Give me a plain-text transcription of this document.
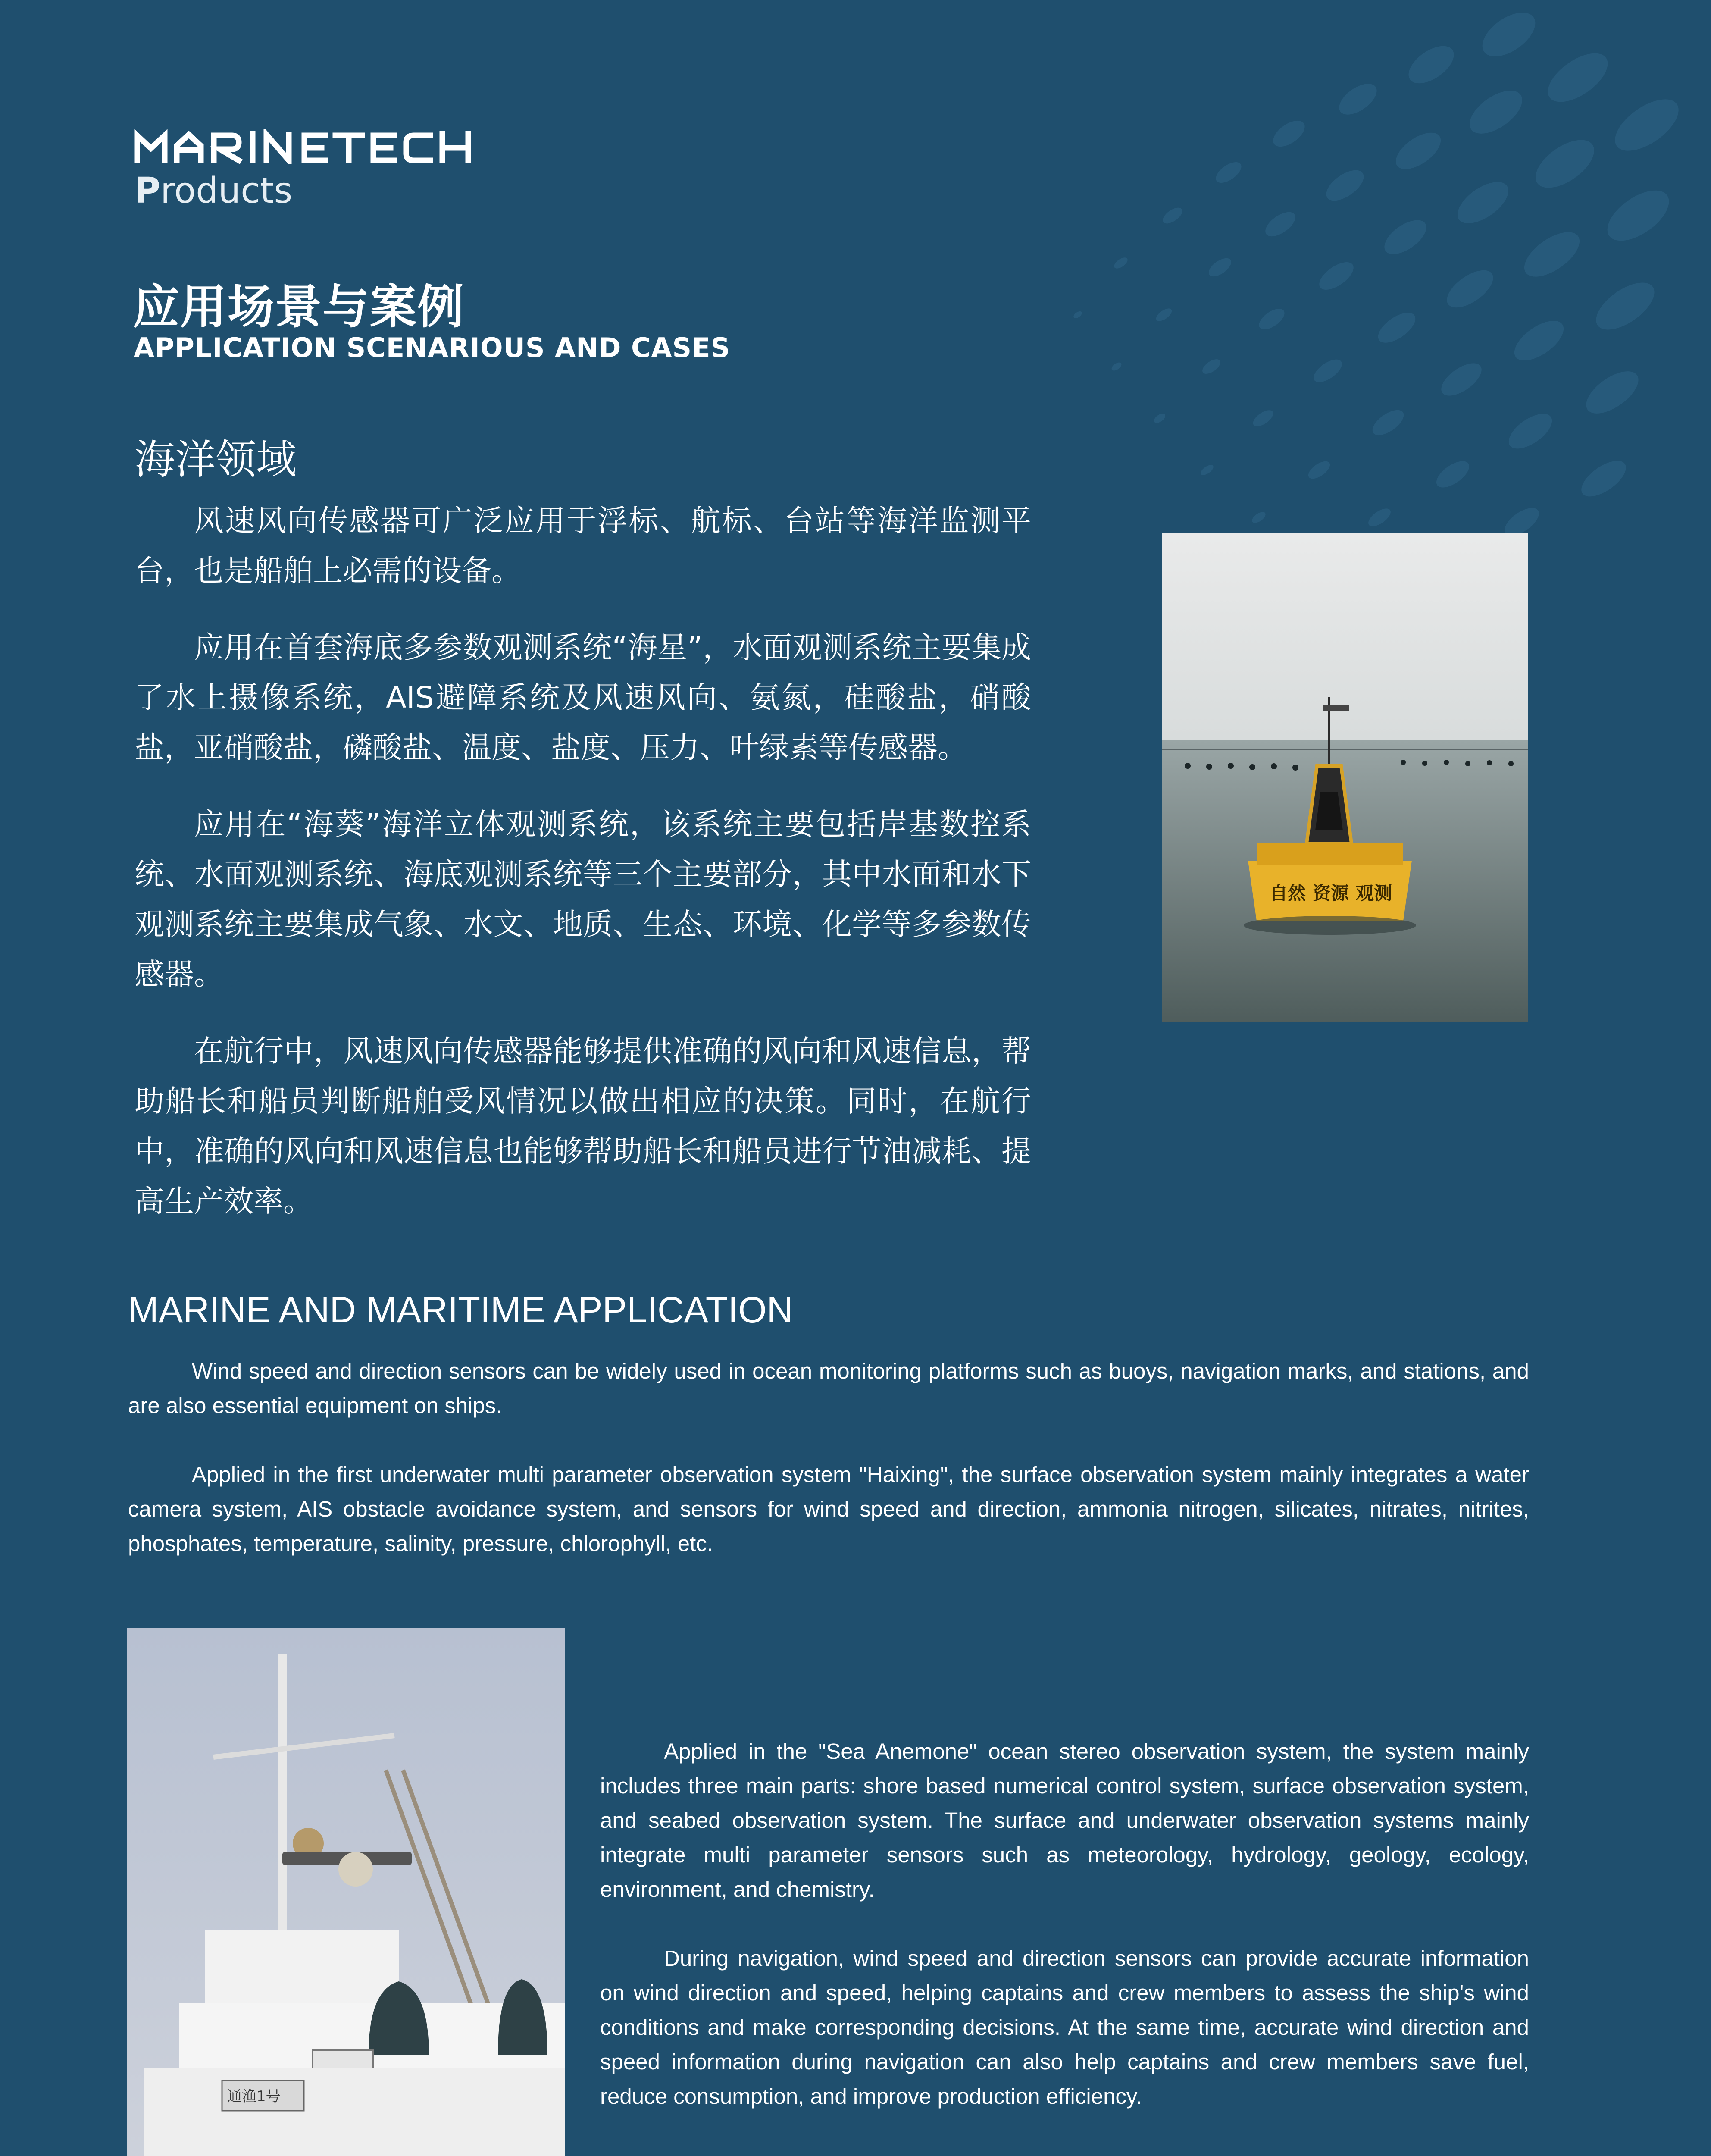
Products
应用场景与案例
APPLICATION SCENARIOUS AND CASES
海洋领域

风速风向传感器可广泛应用于浮标、航标、台站等海洋监测平台，也是船舶上必需的设备。

应用在首套海底多参数观测系统“海星”，水面观测系统主要集成了水上摄像系统，AIS避障系统及风速风向、氨氮，硅酸盐，硝酸盐，亚硝酸盐，磷酸盐、温度、盐度、压力、叶绿素等传感器。

应用在“海葵”海洋立体观测系统，该系统主要包括岸基数控系统、水面观测系统、海底观测系统等三个主要部分，其中水面和水下观测系统主要集成气象、水文、地质、生态、环境、化学等多参数传感器。

在航行中，风速风向传感器能够提供准确的风向和风速信息，帮助船长和船员判断船舶受风情况以做出相应的决策。同时，在航行中，准确的风向和风速信息也能够帮助船长和船员进行节油减耗、提高生产效率。

自然 资源 观测
MARINE AND MARITIME APPLICATION

Wind speed and direction sensors can be widely used in ocean monitoring platforms such as buoys, navigation marks, and stations, and are also essential equipment on ships.

Applied in the first underwater multi parameter observation system "Haixing", the surface observation system mainly integrates a water camera system, AIS obstacle avoidance system, and sensors for wind speed and direction, ammonia nitrogen, silicates, nitrates, nitrites, phosphates, temperature, salinity, pressure, chlorophyll, etc.

通渔1号

Applied in the "Sea Anemone" ocean stereo observation system, the system mainly includes three main parts: shore based numerical control system, surface observation system, and seabed observation system. The surface and underwater observation systems mainly integrate multi parameter sensors such as meteorology, hydrology, geology, ecology, environment, and chemistry.

During navigation, wind speed and direction sensors can provide accurate information on wind direction and speed, helping captains and crew members to assess the ship's wind conditions and make corresponding decisions. At the same time, accurate wind direction and speed information during navigation can also help captains and crew members save fuel, reduce consumption, and improve production efficiency.
